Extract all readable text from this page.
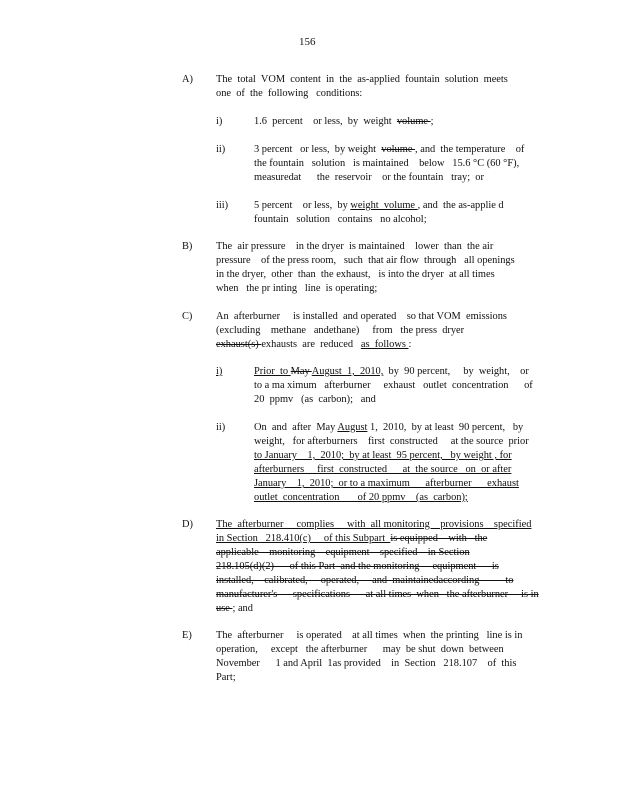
156
A) The  total  VOM  content  in  the  as-applied  fountain  solution  meets
one  of  the  following   conditions:
i)	1.6  percent    or less,  by  weight volume ;
ii)	3 percent   or less,  by weight volume , and  the temperature    of
the fountain   solution   is maintained    below   15.6 °C (60 °F),
measuredat      the  reservoir    or the fountain   tray;  or
iii) 5 percent    or less,  by weight  volume , and  the as-applie d
fountain   solution   contains   no alcohol;
B) The  air pressure    in the dryer  is maintained    lower  than  the air
pressure    of the press room,   such  that air flow  through   all openings
in the dryer,  other  than  the exhaust,   is into the dryer  at all times
when   the pr inting   line  is operating;
C) An  afterburner     is installed  and operated    so that VOM  emissions
(excluding    methane   andethane)     from   the press  dryer
exhaust(s) exhausts  are  reduced as  follows :
i)	Prior  to May August  1,  2010,  by  90 percent,     by  weight,    or
to a ma ximum   afterburner     exhaust   outlet  concentration      of
20  ppmv   (as  carbon);   and
ii)	On  and  after  May August 1,  2010,  by at least  90 percent,   by
weight,   for afterburners    first  constructed     at the source  prior
to January    1,  2010;  by at least  95 percent,   by weight , for
afterburners     first  constructed      at  the source   on  or after
January    1,  2010;  or to a maximum      afterburner      exhaust
outlet  concentration       of 20 ppmv    (as  carbon);
D) The  afterburner     complies     with  all monitoring    provisions    specified
in Section   218.410(c)     of this Subpart  is equipped    with   the
applicable    monitoring    equipment    specified    in Section
218.105(d)(2)      of this Part  and the monitoring     equipment      is
installed,    calibrated,     operated,     and  maintainedaccording          to
manufacturer's      specifications      at all times  when   the afterburner     is in
use ; and
E) The  afterburner     is operated    at all times  when  the printing   line is in
operation,     except   the afterburner      may  be shut  down  between
November      1 and April  1as provided    in  Section   218.107    of  this
Part;
